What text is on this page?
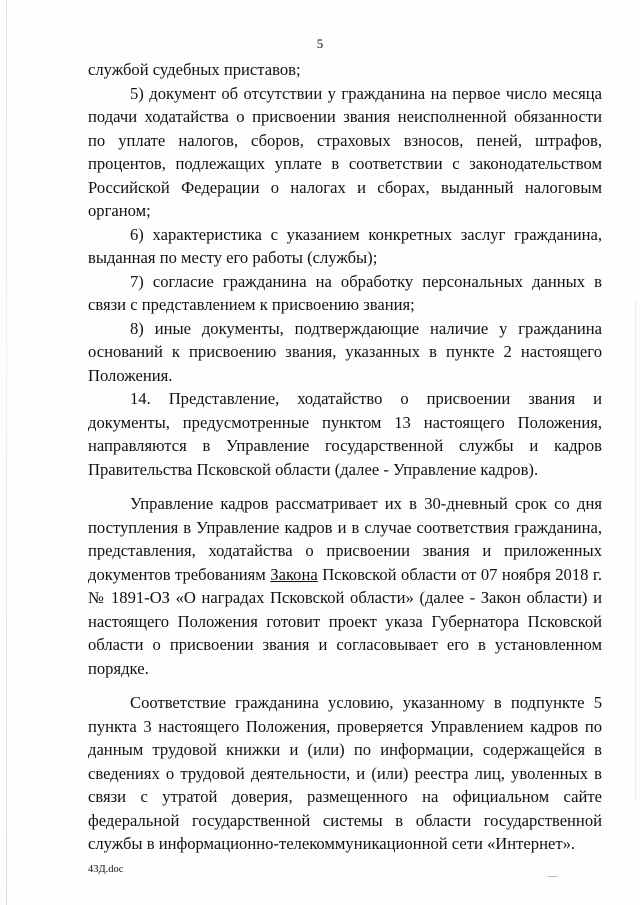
5

службой судебных приставов;

5) документ об отсутствии у гражданина на первое число месяца подачи ходатайства о присвоении звания неисполненной обязанности по уплате налогов, сборов, страховых взносов, пеней, штрафов, процентов, подлежащих уплате в соответствии с законодательством Российской Федерации о налогах и сборах, выданный налоговым органом;

6) характеристика с указанием конкретных заслуг гражданина, выданная по месту его работы (службы);

7) согласие гражданина на обработку персональных данных в связи с представлением к присвоению звания;

8) иные документы, подтверждающие наличие у гражданина оснований к присвоению звания, указанных в пункте 2 настоящего Положения.

14. Представление, ходатайство о присвоении звания и документы, предусмотренные пунктом 13 настоящего Положения, направляются в Управление государственной службы и кадров Правительства Псковской области (далее - Управление кадров).

Управление кадров рассматривает их в 30-дневный срок со дня поступления в Управление кадров и в случае соответствия гражданина, представления, ходатайства о присвоении звания и приложенных документов требованиям Закона Псковской области от 07 ноября 2018 г. № 1891-ОЗ «О наградах Псковской области» (далее - Закон области) и настоящего Положения готовит проект указа Губернатора Псковской области о присвоении звания и согласовывает его в установленном порядке.

Соответствие гражданина условию, указанному в подпункте 5 пункта 3 настоящего Положения, проверяется Управлением кадров по данным трудовой книжки и (или) по информации, содержащейся в сведениях о трудовой деятельности, и (или) реестра лиц, уволенных в связи с утратой доверия, размещенного на официальном сайте федеральной государственной системы в области государственной службы в информационно-телекоммуникационной сети «Интернет».

43Д.doc
